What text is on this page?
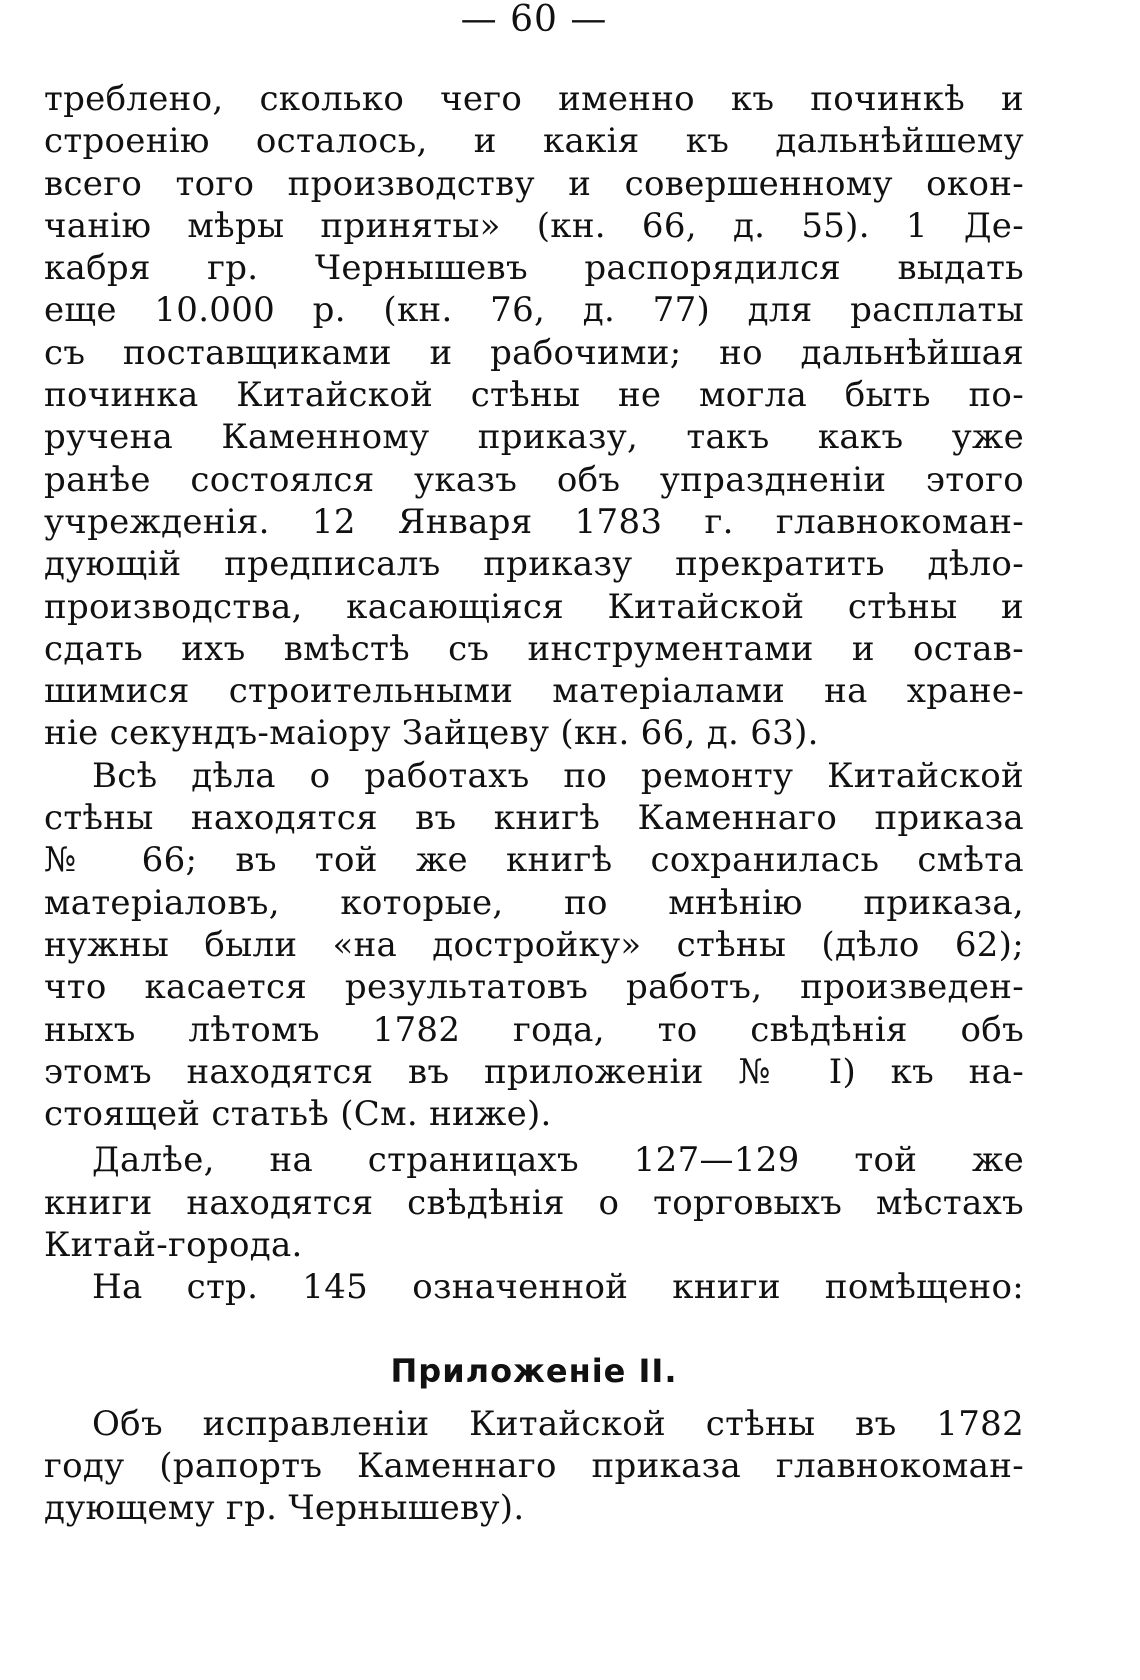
— 60 —

треблено, сколько чего именно къ починкѣ и
строенію осталось, и какія къ дальнѣйшему
всего того производству и совершенному окон-
чанію мѣры приняты» (кн. 66, д. 55). 1 Де-
кабря гр. Чернышевъ распорядился выдать
еще 10.000 р. (кн. 76, д. 77) для расплаты
съ поставщиками и рабочими; но дальнѣйшая
починка Китайской стѣны не могла быть по-
ручена Каменному приказу, такъ какъ уже
ранѣе состоялся указъ объ упраздненіи этого
учрежденія. 12 Января 1783 г. главнокоман-
дующій предписалъ приказу прекратить дѣло-
производства, касающіяся Китайской стѣны и
сдать ихъ вмѣстѣ съ инструментами и остав-
шимися строительными матеріалами на хране-
ніе секундъ-маіору Зайцеву (кн. 66, д. 63).

Всѣ дѣла о работахъ по ремонту Китайской
стѣны находятся въ книгѣ Каменнаго приказа
№ 66; въ той же книгѣ сохранилась смѣта
матеріаловъ, которые, по мнѣнію приказа,
нужны были «на достройку» стѣны (дѣло 62);
что касается результатовъ работъ, произведен-
ныхъ лѣтомъ 1782 года, то свѣдѣнія объ
этомъ находятся въ приложеніи № I) къ на-
стоящей статьѣ (См. ниже).

Далѣе, на страницахъ 127—129 той же
книги находятся свѣдѣнія о торговыхъ мѣстахъ
Китай-города.

На стр. 145 означенной книги помѣщено:

Приложеніе II.

Объ исправленіи Китайской стѣны въ 1782
году (рапортъ Каменнаго приказа главнокоман-
дующему гр. Чернышеву).
